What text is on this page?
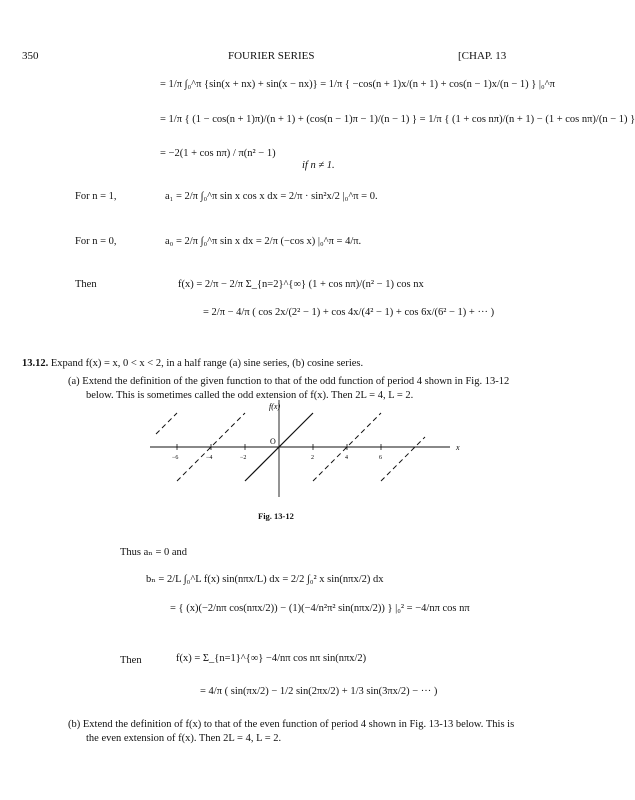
350	FOURIER SERIES	[CHAP. 13
= 1/π ∫₀^π {sin(x + nx) + sin(x − nx)} = 1/π { −cos(n + 1)x/(n + 1) + cos(n − 1)x/(n − 1) } |₀^π
= 1/π { (1 − cos(n + 1)π)/(n + 1) + (cos(n − 1)π − 1)/(n − 1) } = 1/π { (1 + cos nπ)/(n + 1) − (1 + cos nπ)/(n − 1) }
= −2(1 + cos nπ) / π(n² − 1)
if n ≠ 1.
For n = 1,	a₁ = 2/π ∫₀^π sin x cos x dx = 2/π · sin²x/2 |₀^π = 0.
For n = 0,	a₀ = 2/π ∫₀^π sin x dx = 2/π (−cos x) |₀^π = 4/π.
Then	f(x) = 2/π − 2/π Σ_{n=2}^{∞} (1 + cos nπ)/(n² − 1) cos nx
= 2/π − 4/π ( cos 2x/(2² − 1) + cos 4x/(4² − 1) + cos 6x/(6² − 1) + ··· )
13.12. Expand f(x) = x, 0 < x < 2, in a half range (a) sine series, (b) cosine series.
(a) Extend the definition of the given function to that of the odd function of period 4 shown in Fig. 13-12
below. This is sometimes called the odd extension of f(x). Then 2L = 4, L = 2.
f(x)
x
O
−6	−4	−2	2	4	6
Fig. 13-12
Thus aₙ = 0 and
bₙ = 2/L ∫₀^L f(x) sin(nπx/L) dx = 2/2 ∫₀² x sin(nπx/2) dx
= { (x)(−2/nπ cos(nπx/2)) − (1)(−4/n²π² sin(nπx/2)) } |₀² = −4/nπ cos nπ
Then	f(x) = Σ_{n=1}^{∞} −4/nπ cos nπ sin(nπx/2)
= 4/π ( sin(πx/2) − 1/2 sin(2πx/2) + 1/3 sin(3πx/2) − ··· )
(b) Extend the definition of f(x) to that of the even function of period 4 shown in Fig. 13-13 below. This is
the even extension of f(x). Then 2L = 4, L = 2.
